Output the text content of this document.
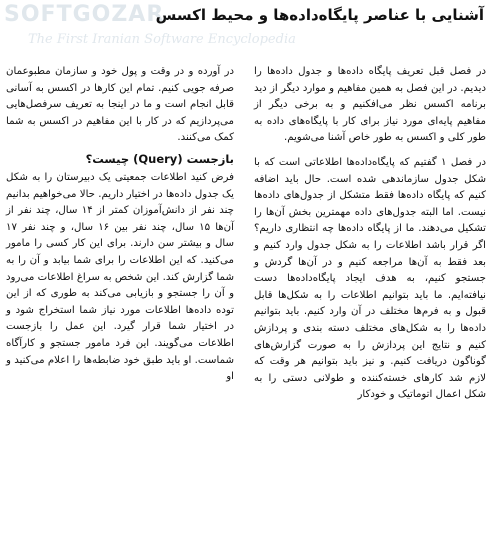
SOFTGOZAR
The First Iranian Software Encyclopedia
آشنایی با عناصر پایگاه‌داده‌ها و محیط اکسس

در فصل قبل تعریف پایگاه داده‌ها و جدول داده‌ها را دیدیم. در این فصل به همین مفاهیم و موارد دیگر از دید برنامه اکسس نظر می‌افکنیم و به برخی دیگر از مفاهیم پایه‌ای مورد نیاز برای کار با پایگاه‌های داده به طور کلی و اکسس به طور خاص آشنا می‌شویم.

در فصل ۱ گفتیم که پایگاه‌داده‌ها اطلاعاتی است که با شکل جدول سازماندهی شده است. حال باید اضافه کنیم که پایگاه داده‌ها فقط متشکل از جدول‌های داده‌ها نیست. اما البته جدول‌های داده مهمترین بخش آن‌ها را تشکیل می‌دهند. ما از پایگاه داده‌ها چه انتظاری داریم؟ اگر قرار باشد اطلاعات را به شکل جدول وارد کنیم و بعد فقط به آن‌ها مراجعه کنیم و در آن‌ها گردش و جستجو کنیم، به هدف ایجاد پایگاه‌داده‌ها دست نیافته‌ایم. ما باید بتوانیم اطلاعات را به شکل‌ها قابل قبول و به فرم‌ها مختلف در آن وارد کنیم. باید بتوانیم داده‌ها را به شکل‌های مختلف دسته بندی و پردازش کنیم و نتایج این پردازش را به صورت گزارش‌های گوناگون دریافت کنیم. و نیز باید بتوانیم هر وقت که لازم شد کارهای خسته‌کننده و طولانی دستی را به شکل اعمال اتوماتیک و خودکار

در آورده و در وقت و پول خود و سازمان مطبوعمان صرفه جویی کنیم. تمام این کارها در اکسس به آسانی قابل انجام است و ما در اینجا به تعریف سرفصل‌هایی می‌پردازیم که در کار با این مفاهیم در اکسس به شما کمک می‌کنند.

بازجست (Query) چیست؟

فرض کنید اطلاعات جمعیتی یک دبیرستان را به شکل یک جدول داده‌ها در اختیار داریم. حالا می‌خواهیم بدانیم چند نفر از دانش‌آموزان کمتر از ۱۴ سال، چند نفر از آن‌ها ۱۵ سال، چند نفر بین ۱۶ سال، و چند نفر ۱۷ سال و بیشتر سن دارند. برای این کار کسی را مامور می‌کنید. که این اطلاعات را برای شما بیابد و آن را به شما گزارش کند. این شخص به سراغ اطلاعات می‌رود و آن را جستجو و بازیابی می‌کند به طوری که از این توده داده‌ها اطلاعات مورد نیاز شما استخراج شود و در اختیار شما قرار گیرد. این عمل را بازجست اطلاعات می‌گویند. این فرد مامور جستجو و کارآگاه شماست. او باید طبق خود ضابطه‌ها را اعلام می‌کنید و او
